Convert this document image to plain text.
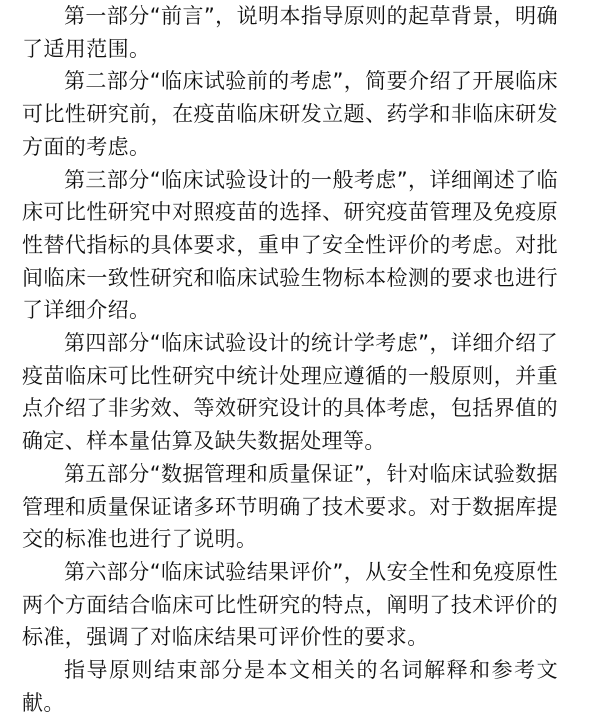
第一部分“前言”，说明本指导原则的起草背景，明确了适用范围。

第二部分“临床试验前的考虑”，简要介绍了开展临床可比性研究前，在疫苗临床研发立题、药学和非临床研发方面的考虑。

第三部分“临床试验设计的一般考虑”，详细阐述了临床可比性研究中对照疫苗的选择、研究疫苗管理及免疫原性替代指标的具体要求，重申了安全性评价的考虑。对批间临床一致性研究和临床试验生物标本检测的要求也进行了详细介绍。

第四部分“临床试验设计的统计学考虑”，详细介绍了疫苗临床可比性研究中统计处理应遵循的一般原则，并重点介绍了非劣效、等效研究设计的具体考虑，包括界值的确定、样本量估算及缺失数据处理等。

第五部分“数据管理和质量保证”，针对临床试验数据管理和质量保证诸多环节明确了技术要求。对于数据库提交的标准也进行了说明。

第六部分“临床试验结果评价”，从安全性和免疫原性两个方面结合临床可比性研究的特点，阐明了技术评价的标准，强调了对临床结果可评价性的要求。

指导原则结束部分是本文相关的名词解释和参考文献。
